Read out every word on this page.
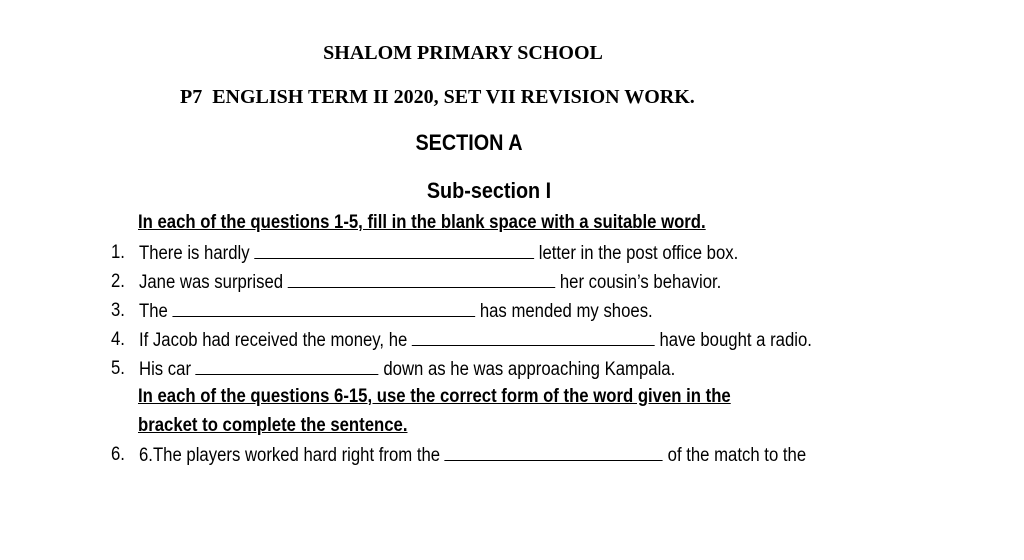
SHALOM PRIMARY SCHOOL
P7  ENGLISH TERM II 2020, SET VII REVISION WORK.
SECTION A
Sub-section I
In each of the questions 1-5, fill in the blank space with a suitable word.
1. There is hardly	letter in the post office box.
2. Jane was surprised	her cousin’s behavior.
3. The	has mended my shoes.
4. If Jacob had received the money, he	have bought a radio.
5. His car	down as he was approaching Kampala.
In each of the questions 6-15, use the correct form of the word given in the
bracket to complete the sentence.
6. 6.The players worked hard right from the	of the match to the
